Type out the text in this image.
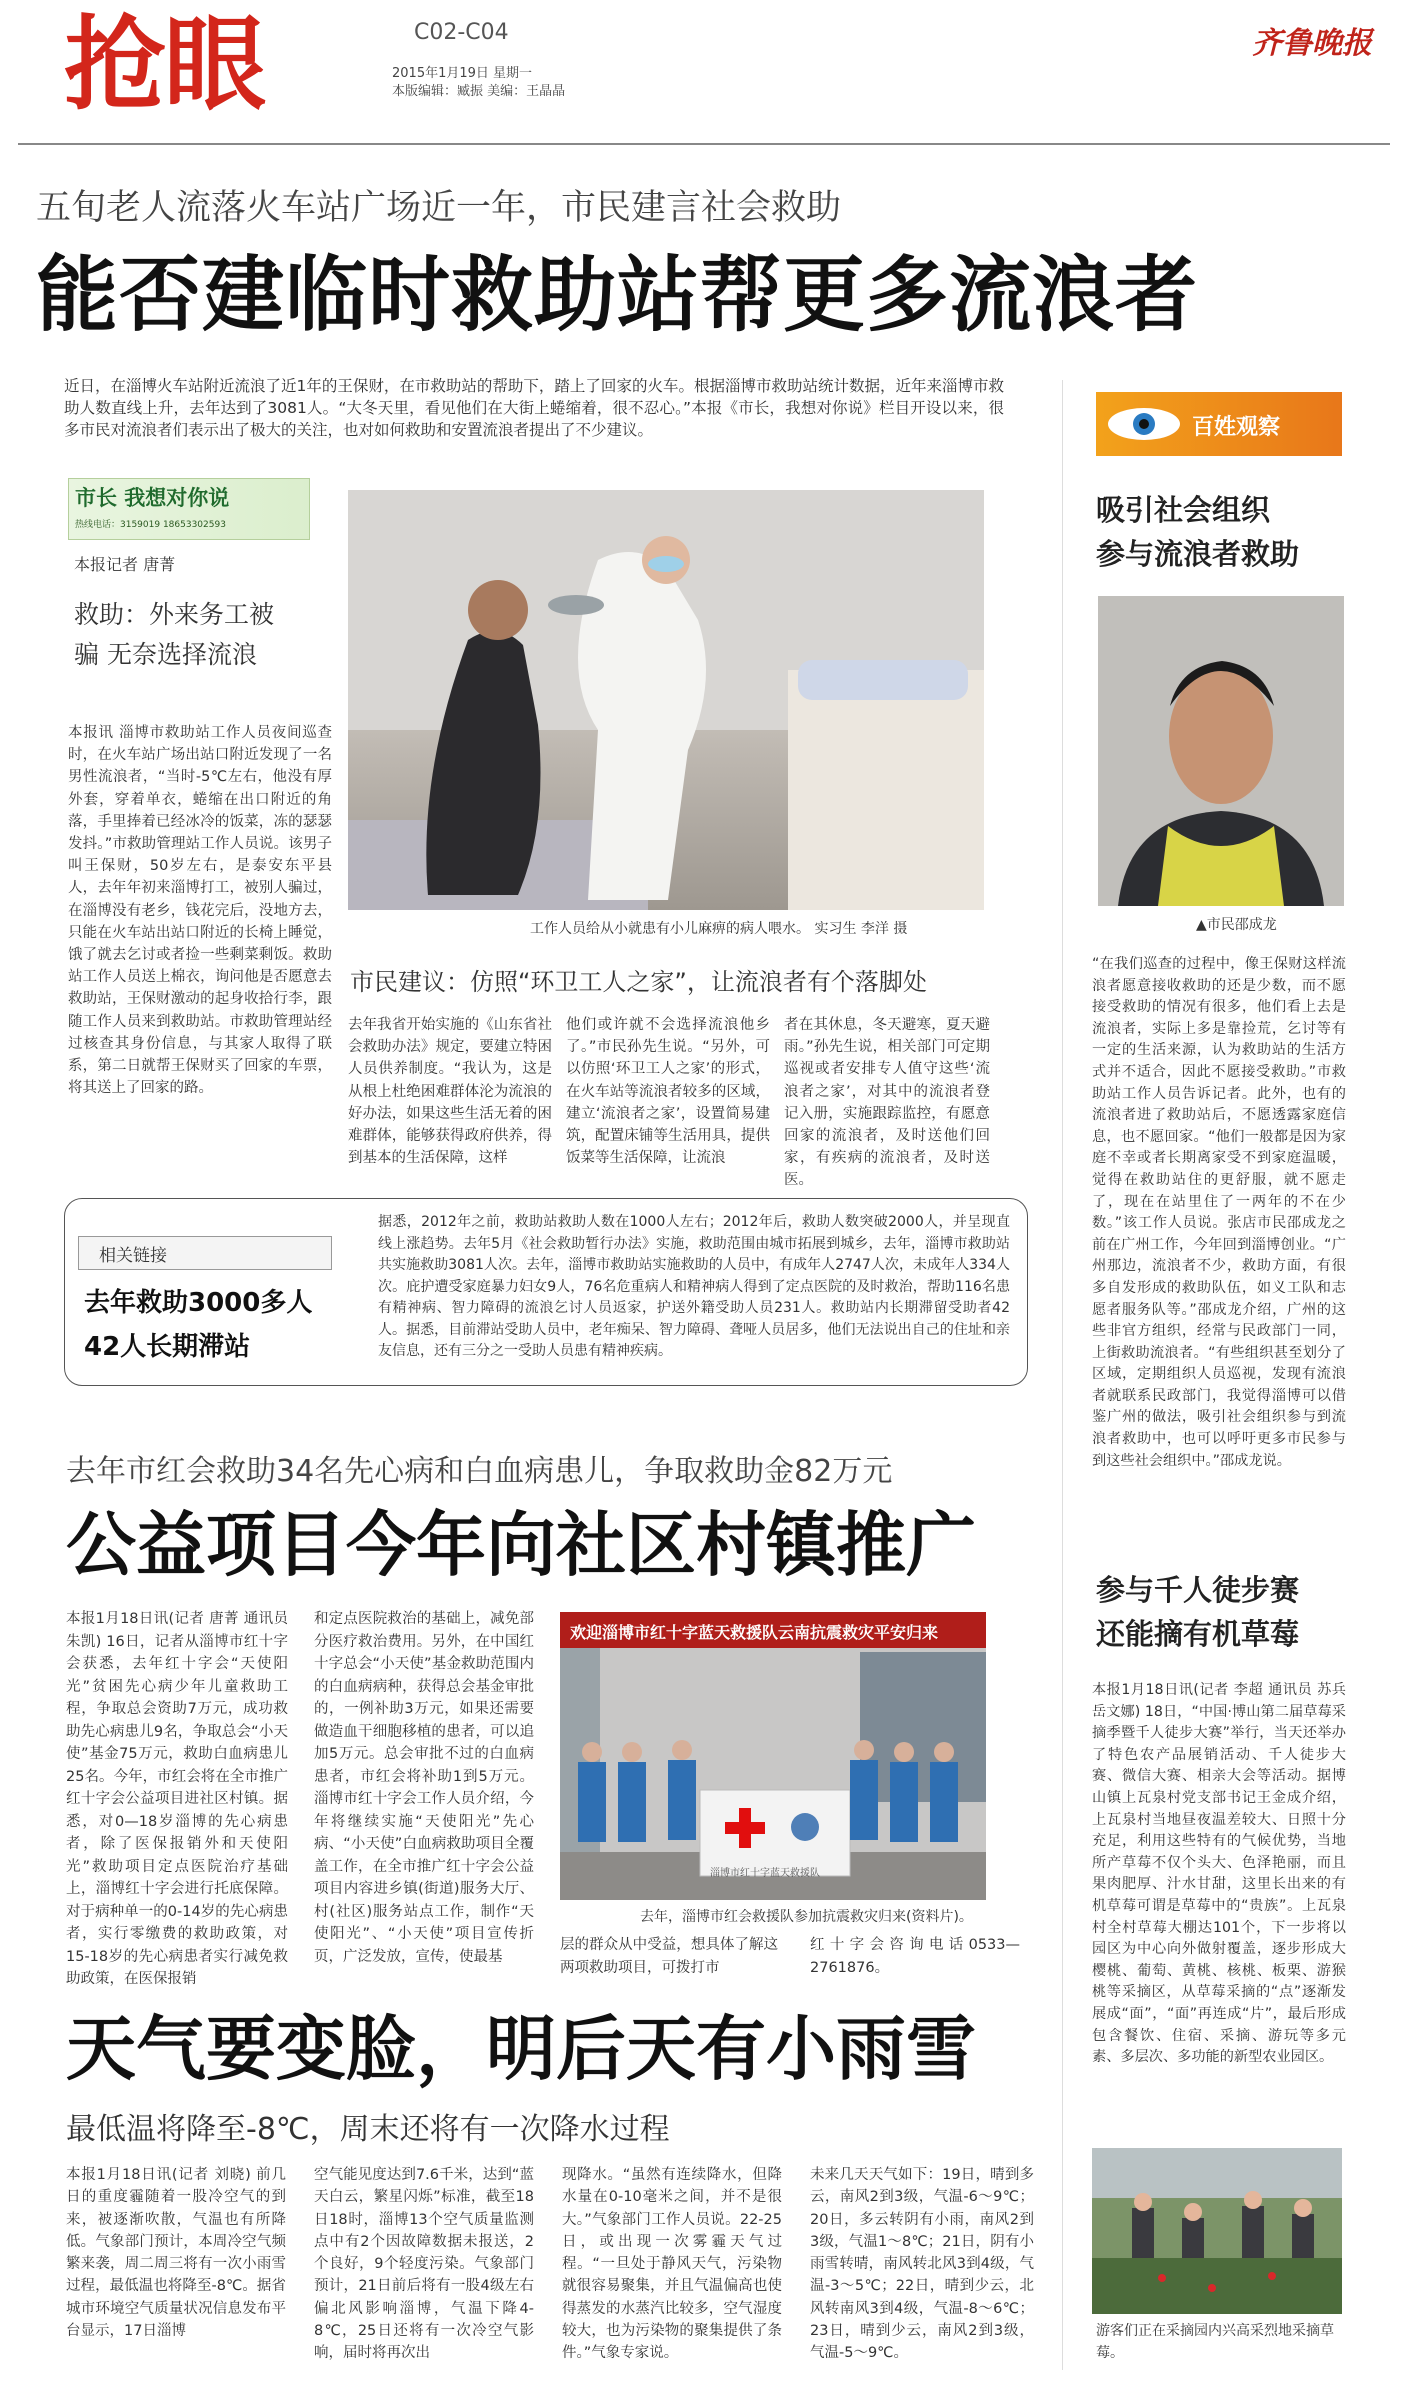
抢眼	C02-C04
2015年1月19日 星期一
本版编辑：臧振 美编：王晶晶
齐鲁晚报
五旬老人流落火车站广场近一年，市民建言社会救助
能否建临时救助站帮更多流浪者
近日，在淄博火车站附近流浪了近1年的王保财，在市救助站的帮助下，踏上了回家的火车。根据淄博市救助站统计数据，近年来淄博市救助人数直线上升，去年达到了3081人。“大冬天里，看见他们在大街上蜷缩着，很不忍心。”本报《市长，我想对你说》栏目开设以来，很多市民对流浪者们表示出了极大的关注，也对如何救助和安置流浪者提出了不少建议。
市长 我想对你说
热线电话：3159019 18653302593
本报记者 唐菁
救助：外来务工被骗 无奈选择流浪
本报讯 淄博市救助站工作人员夜间巡查时，在火车站广场出站口附近发现了一名男性流浪者，“当时-5℃左右，他没有厚外套，穿着单衣，蜷缩在出口附近的角落，手里捧着已经冰冷的饭菜，冻的瑟瑟发抖。”市救助管理站工作人员说。该男子叫王保财，50岁左右，是泰安东平县人，去年年初来淄博打工，被别人骗过，在淄博没有老乡，钱花完后，没地方去，只能在火车站出站口附近的长椅上睡觉，饿了就去乞讨或者捡一些剩菜剩饭。救助站工作人员送上棉衣，询问他是否愿意去救助站，王保财激动的起身收拾行李，跟随工作人员来到救助站。市救助管理站经过核查其身份信息，与其家人取得了联系，第二日就帮王保财买了回家的车票，将其送上了回家的路。
工作人员给从小就患有小儿麻痹的病人喂水。 实习生 李洋 摄
市民建议：仿照“环卫工人之家”，让流浪者有个落脚处
去年我省开始实施的《山东省社会救助办法》规定，要建立特困人员供养制度。“我认为，这是从根上杜绝困难群体沦为流浪的好办法，如果这些生活无着的困难群体，能够获得政府供养，得到基本的生活保障，这样
他们或许就不会选择流浪他乡了。”市民孙先生说。“另外，可以仿照‘环卫工人之家’的形式，在火车站等流浪者较多的区域，建立‘流浪者之家’，设置简易建筑，配置床铺等生活用具，提供饭菜等生活保障，让流浪
者在其休息，冬天避寒，夏天避雨。”孙先生说，相关部门可定期巡视或者安排专人值守这些‘流浪者之家’，对其中的流浪者登记入册，实施跟踪监控，有愿意回家的流浪者，及时送他们回家，有疾病的流浪者，及时送医。
相关链接
去年救助3000多人
42人长期滞站
据悉，2012年之前，救助站救助人数在1000人左右；2012年后，救助人数突破2000人，并呈现直线上涨趋势。去年5月《社会救助暂行办法》实施，救助范围由城市拓展到城乡，去年，淄博市救助站共实施救助3081人次。去年，淄博市救助站实施救助的人员中，有成年人2747人次，未成年人334人次。庇护遭受家庭暴力妇女9人，76名危重病人和精神病人得到了定点医院的及时救治，帮助116名患有精神病、智力障碍的流浪乞讨人员返家，护送外籍受助人员231人。救助站内长期滞留受助者42人。据悉，目前滞站受助人员中，老年痴呆、智力障碍、聋哑人员居多，他们无法说出自己的住址和亲友信息，还有三分之一受助人员患有精神疾病。
去年市红会救助34名先心病和白血病患儿，争取救助金82万元
公益项目今年向社区村镇推广
本报1月18日讯(记者 唐菁 通讯员 朱凯) 16日，记者从淄博市红十字会获悉，去年红十字会“天使阳光”贫困先心病少年儿童救助工程，争取总会资助7万元，成功救助先心病患儿9名，争取总会“小天使”基金75万元，救助白血病患儿25名。今年，市红会将在全市推广红十字会公益项目进社区村镇。据悉，对0—18岁淄博的先心病患者，除了医保报销外和天使阳光”救助项目定点医院治疗基础上，淄博红十字会进行托底保障。对于病种单一的0-14岁的先心病患者，实行零缴费的救助政策，对15-18岁的先心病患者实行减免救助政策，在医保报销
和定点医院救治的基础上，减免部分医疗救治费用。另外，在中国红十字总会“小天使”基金救助范围内的白血病病种，获得总会基金审批的，一例补助3万元，如果还需要做造血干细胞移植的患者，可以追加5万元。总会审批不过的白血病患者，市红会将补助1到5万元。淄博市红十字会工作人员介绍，今年将继续实施“天使阳光”先心病、“小天使”白血病救助项目全覆盖工作，在全市推广红十字会公益项目内容进乡镇(街道)服务大厅、村(社区)服务站点工作，制作“天使阳光”、“小天使”项目宣传折页，广泛发放，宣传，使最基
欢迎淄博市红十字蓝天救援队云南抗震救灾平安归来
淄博市红十字蓝天救援队
去年，淄博市红会救援队参加抗震救灾归来(资料片)。
层的群众从中受益，想具体了解这两项救助项目，可拨打市
红十字会咨询电话0533—2761876。
天气要变脸，明后天有小雨雪
最低温将降至-8℃，周末还将有一次降水过程
本报1月18日讯(记者 刘晓) 前几日的重度霾随着一股冷空气的到来，被逐渐吹散，气温也有所降低。气象部门预计，本周冷空气频繁来袭，周二周三将有一次小雨雪过程，最低温也将降至-8℃。据省城市环境空气质量状况信息发布平台显示，17日淄博
空气能见度达到7.6千米，达到“蓝天白云，繁星闪烁”标准，截至18日18时，淄博13个空气质量监测点中有2个因故障数据未报送，2个良好，9个轻度污染。气象部门预计，21日前后将有一股4级左右偏北风影响淄博，气温下降4-8℃，25日还将有一次冷空气影响，届时将再次出
现降水。“虽然有连续降水，但降水量在0-10毫米之间，并不是很大。”气象部门工作人员说。22-25日，或出现一次雾霾天气过程。“一旦处于静风天气，污染物就很容易聚集，并且气温偏高也使得蒸发的水蒸汽比较多，空气湿度较大，也为污染物的聚集提供了条件。”气象专家说。
未来几天天气如下：19日，晴到多云，南风2到3级，气温-6～9℃；20日，多云转阴有小雨，南风2到3级，气温1～8℃；21日，阴有小雨雪转晴，南风转北风3到4级，气温-3～5℃；22日，晴到少云，北风转南风3到4级，气温-8～6℃；23日，晴到少云，南风2到3级，气温-5～9℃。
百姓观察
吸引社会组织
参与流浪者救助
▲市民邵成龙
“在我们巡查的过程中，像王保财这样流浪者愿意接收救助的还是少数，而不愿接受救助的情况有很多，他们看上去是流浪者，实际上多是靠捡荒，乞讨等有一定的生活来源，认为救助站的生活方式并不适合，因此不愿接受救助。”市救助站工作人员告诉记者。此外，也有的流浪者进了救助站后，不愿透露家庭信息，也不愿回家。“他们一般都是因为家庭不幸或者长期离家受不到家庭温暖，觉得在救助站住的更舒服，就不愿走了，现在在站里住了一两年的不在少数。”该工作人员说。张店市民邵成龙之前在广州工作，今年回到淄博创业。“广州那边，流浪者不少，救助方面，有很多自发形成的救助队伍，如义工队和志愿者服务队等。”邵成龙介绍，广州的这些非官方组织，经常与民政部门一同，上街救助流浪者。“有些组织甚至划分了区域，定期组织人员巡视，发现有流浪者就联系民政部门，我觉得淄博可以借鉴广州的做法，吸引社会组织参与到流浪者救助中，也可以呼吁更多市民参与到这些社会组织中。”邵成龙说。
参与千人徒步赛
还能摘有机草莓
本报1月18日讯(记者 李超 通讯员 苏兵 岳文娜) 18日，“中国·博山第二届草莓采摘季暨千人徒步大赛”举行，当天还举办了特色农产品展销活动、千人徒步大赛、微信大赛、相亲大会等活动。据博山镇上瓦泉村党支部书记王金成介绍，上瓦泉村当地昼夜温差较大、日照十分充足，利用这些特有的气候优势，当地所产草莓不仅个头大、色泽艳丽，而且果肉肥厚、汁水甘甜，这里长出来的有机草莓可谓是草莓中的“贵族”。上瓦泉村全村草莓大棚达101个，下一步将以园区为中心向外做射覆盖，逐步形成大樱桃、葡萄、黄桃、核桃、板栗、游猴桃等采摘区，从草莓采摘的“点”逐渐发展成“面”，“面”再连成“片”，最后形成包含餐饮、住宿、采摘、游玩等多元素、多层次、多功能的新型农业园区。
游客们正在采摘园内兴高采烈地采摘草莓。
